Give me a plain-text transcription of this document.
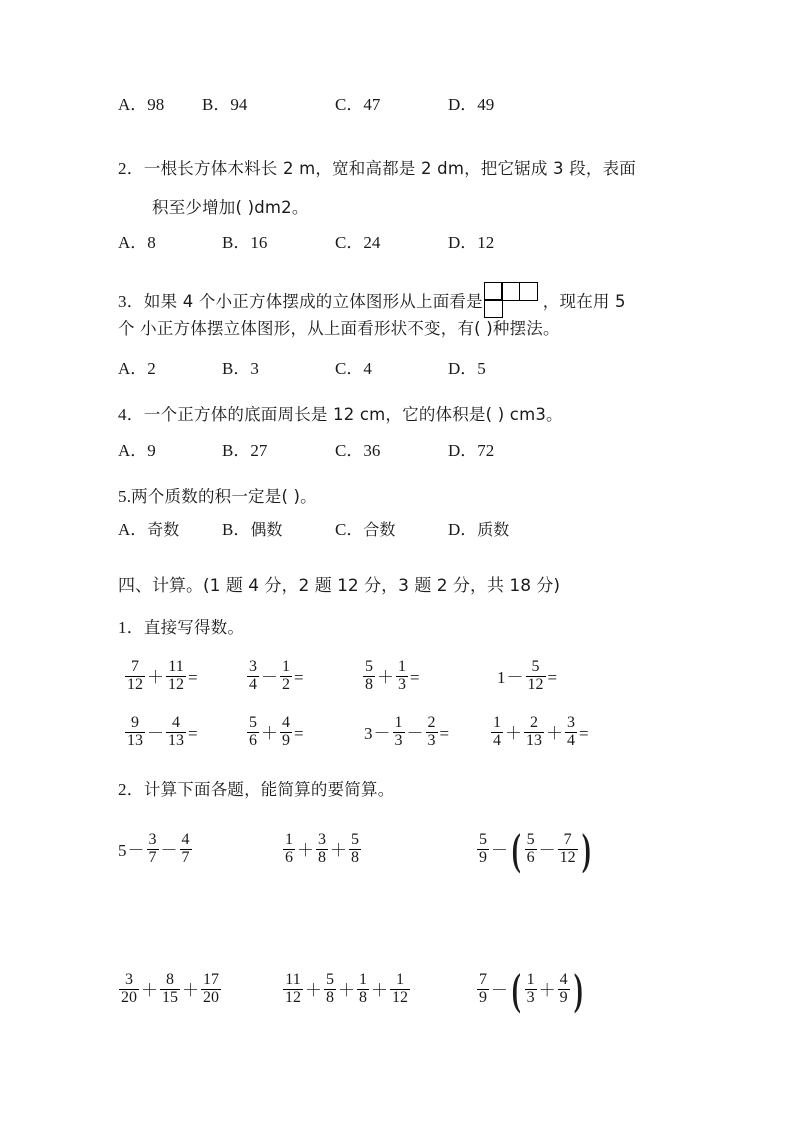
A．98 B．94	C．47	D．49
2．一根长方体木料长 2 m，宽和高都是 2 dm，把它锯成 3 段，表面
积至少增加( )dm2。
A．8	B．16	C．24	D．12
3．如果 4 个小正方体摆成的立体图形从上面看是	，现在用 5
个 小正方体摆立体图形，从上面看形状不变，有( )种摆法。
A．2	B．3	C．4	D．5
4．一个正方体的底面周长是 12 cm，它的体积是( ) cm3。
A．9	B．27	C．36	D．72
5.两个质数的积一定是( )。
A．奇数	B．偶数	C．合数	D．质数
四、计算。(1 题 4 分，2 题 12 分，3 题 2 分，共 18 分)
1．直接写得数。
$\frac{7}{12} + \frac{11}{12}$ =	$\frac{3}{4} - \frac{1}{2}$ =	$\frac{5}{8} + \frac{1}{3}$ =	$1- \frac{5}{12}$ =
$\frac{9}{13} - \frac{4}{13}$ =	$\frac{5}{6} + \frac{4}{9}$ =	$3- \frac{1}{3} - \frac{2}{3}$ =	$\frac{1}{4} + \frac{2}{13} + \frac{3}{4}$ =
2．计算下面各题，能简算的要简算。
$5- \frac{3}{7} - \frac{4}{7}$	$\frac{1}{6} + \frac{3}{8} + \frac{5}{8}$	$\frac{5}{9}$ －( $\frac{5}{6} - \frac{7}{12}$ )
$\frac{3}{20} + \frac{8}{15} + \frac{17}{20}$	$\frac{11}{12} + \frac{5}{8} + \frac{1}{8} + \frac{1}{12}$	$\frac{7}{9}$ －( $\frac{1}{3} + \frac{4}{9}$ )
